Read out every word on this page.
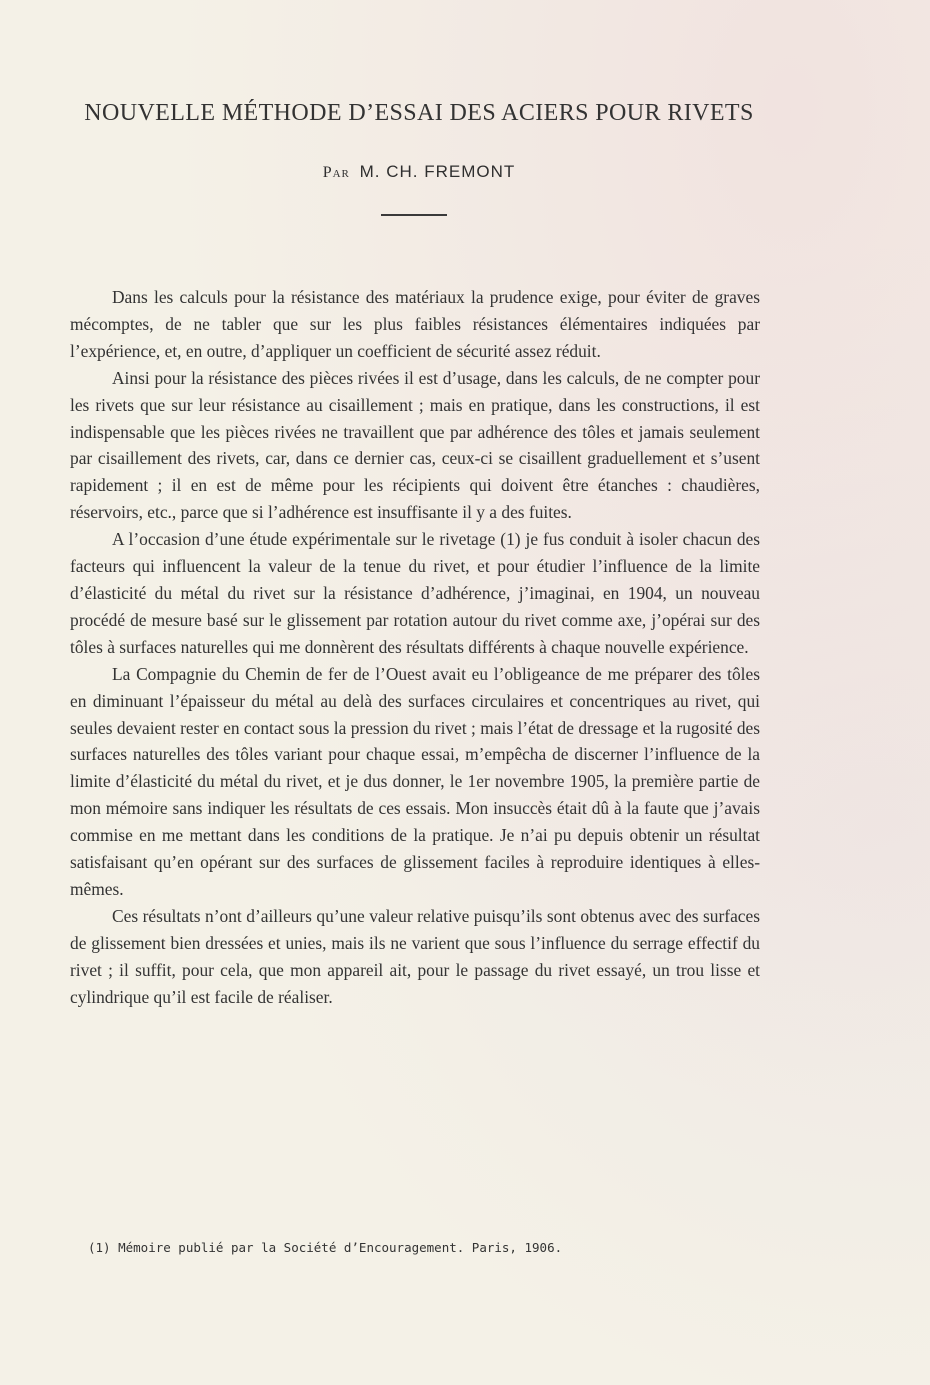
NOUVELLE MÉTHODE D’ESSAI DES ACIERS POUR RIVETS
Par M. CH. FREMONT

Dans les calculs pour la résistance des matériaux la prudence exige, pour éviter de graves mécomptes, de ne tabler que sur les plus faibles résistances élémentaires indiquées par l’expérience, et, en outre, d’appliquer un coefficient de sécurité assez réduit.

Ainsi pour la résistance des pièces rivées il est d’usage, dans les calculs, de ne compter pour les rivets que sur leur résistance au cisaillement ; mais en pratique, dans les constructions, il est indispensable que les pièces rivées ne travaillent que par adhérence des tôles et jamais seulement par cisaillement des rivets, car, dans ce dernier cas, ceux-ci se cisaillent graduellement et s’usent rapidement ; il en est de même pour les récipients qui doivent être étanches : chaudières, réservoirs, etc., parce que si l’adhérence est insuffisante il y a des fuites.

A l’occasion d’une étude expérimentale sur le rivetage (1) je fus conduit à isoler chacun des facteurs qui influencent la valeur de la tenue du rivet, et pour étudier l’influence de la limite d’élasticité du métal du rivet sur la résistance d’adhérence, j’imaginai, en 1904, un nouveau procédé de mesure basé sur le glissement par rotation autour du rivet comme axe, j’opérai sur des tôles à surfaces naturelles qui me donnèrent des résultats différents à chaque nouvelle expérience.

La Compagnie du Chemin de fer de l’Ouest avait eu l’obligeance de me préparer des tôles en diminuant l’épaisseur du métal au delà des surfaces circulaires et concentriques au rivet, qui seules devaient rester en contact sous la pression du rivet ; mais l’état de dressage et la rugosité des surfaces naturelles des tôles variant pour chaque essai, m’empêcha de discerner l’influence de la limite d’élasticité du métal du rivet, et je dus donner, le 1er novembre 1905, la première partie de mon mémoire sans indiquer les résultats de ces essais. Mon insuccès était dû à la faute que j’avais commise en me mettant dans les conditions de la pratique. Je n’ai pu depuis obtenir un résultat satisfaisant qu’en opérant sur des surfaces de glissement faciles à reproduire identiques à elles-mêmes.

Ces résultats n’ont d’ailleurs qu’une valeur relative puisqu’ils sont obtenus avec des surfaces de glissement bien dressées et unies, mais ils ne varient que sous l’influence du serrage effectif du rivet ; il suffit, pour cela, que mon appareil ait, pour le passage du rivet essayé, un trou lisse et cylindrique qu’il est facile de réaliser.

(1) Mémoire publié par la Société d’Encouragement. Paris, 1906.
